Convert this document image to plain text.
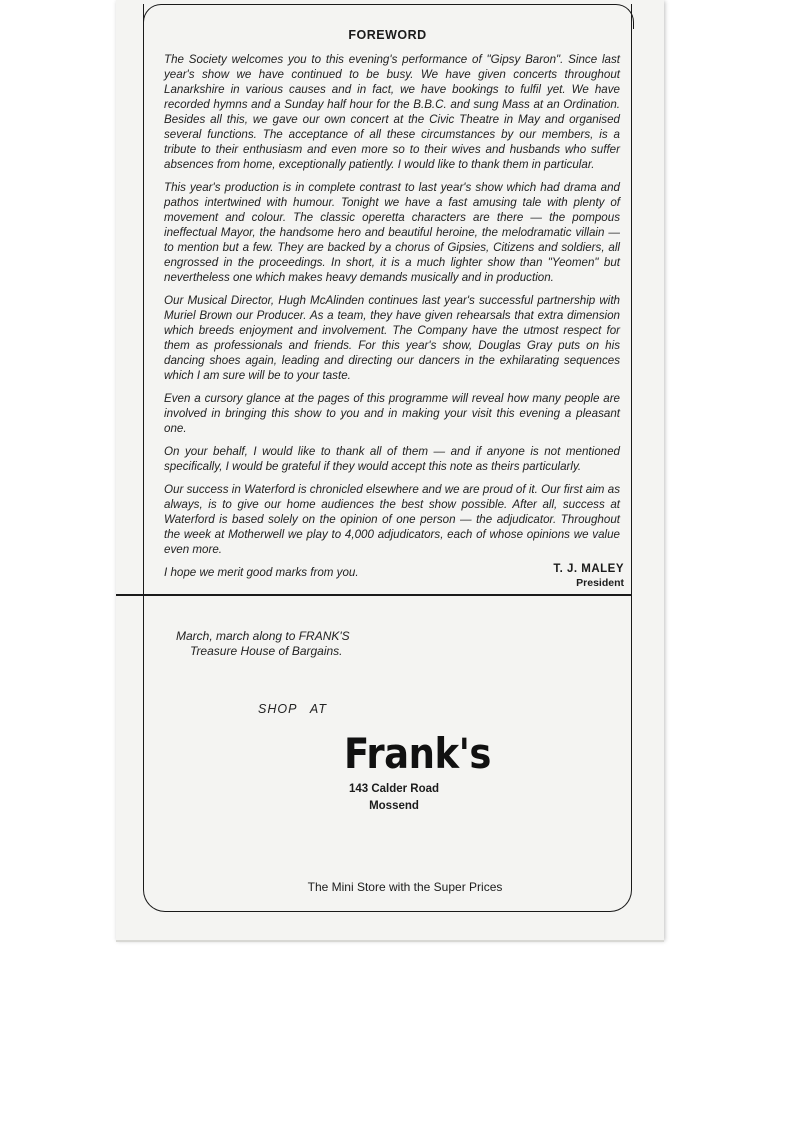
FOREWORD

The Society welcomes you to this evening's performance of "Gipsy Baron". Since last year's show we have continued to be busy. We have given concerts throughout Lanarkshire in various causes and in fact, we have bookings to fulfil yet. We have recorded hymns and a Sunday half hour for the B.B.C. and sung Mass at an Ordination. Besides all this, we gave our own concert at the Civic Theatre in May and organised several functions. The acceptance of all these circumstances by our members, is a tribute to their enthusiasm and even more so to their wives and husbands who suffer absences from home, exceptionally patiently. I would like to thank them in particular.

This year's production is in complete contrast to last year's show which had drama and pathos intertwined with humour. Tonight we have a fast amusing tale with plenty of movement and colour. The classic operetta characters are there — the pompous ineffectual Mayor, the handsome hero and beautiful heroine, the melodramatic villain — to mention but a few. They are backed by a chorus of Gipsies, Citizens and soldiers, all engrossed in the proceedings. In short, it is a much lighter show than "Yeomen" but nevertheless one which makes heavy demands musically and in production.

Our Musical Director, Hugh McAlinden continues last year's successful partnership with Muriel Brown our Producer. As a team, they have given rehearsals that extra dimension which breeds enjoyment and involvement. The Company have the utmost respect for them as professionals and friends. For this year's show, Douglas Gray puts on his dancing shoes again, leading and directing our dancers in the exhilarating sequences which I am sure will be to your taste.

Even a cursory glance at the pages of this programme will reveal how many people are involved in bringing this show to you and in making your visit this evening a pleasant one.

On your behalf, I would like to thank all of them — and if anyone is not mentioned specifically, I would be grateful if they would accept this note as theirs particularly.

Our success in Waterford is chronicled elsewhere and we are proud of it. Our first aim as always, is to give our home audiences the best show possible. After all, success at Waterford is based solely on the opinion of one person — the adjudicator. Throughout the week at Motherwell we play to 4,000 adjudicators, each of whose opinions we value even more.

I hope we merit good marks from you.	T. J. MALEY
President
March, march along to FRANK'S
Treasure House of Bargains.
SHOP   AT
Frank's
143 Calder Road
Mossend
The Mini Store with the Super Prices
